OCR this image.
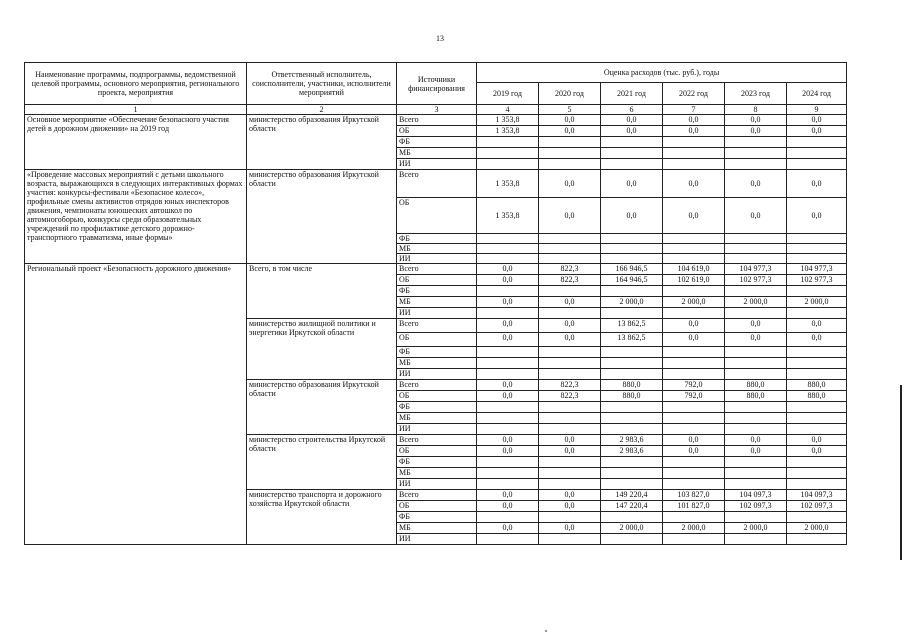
13
Наименование программы, подпрограммы, ведомственной целевой программы, основного мероприятия, регионального проекта, мероприятия	Ответственный исполнитель, соисполнители, участники, исполнители мероприятий	Источники финансирования	Оценка расходов (тыс. руб.), годы					
			2019 год	2020 год	2021 год	2022 год	2023 год	2024 год
1	2	3	4	5	6	7	8	9
Основное мероприятие «Обеспечение безопасного участия детей в дорожном движении» на 2019 год	министерство образования Иркутской области	Всего	1 353,8	0,0	0,0	0,0	0,0	0,0
		ОБ	1 353,8	0,0	0,0	0,0	0,0	0,0
		ФБ						
		МБ						
		ИИ						
«Проведение массовых мероприятий с детьми школьного возраста, выражающихся в следующих интерактивных формах участия: конкурсы-фестивали «Безопасное колесо», профильные смены активистов отрядов юных инспекторов движения, чемпионаты юношеских автошкол по автомногоборью, конкурсы среди образовательных учреждений по профилактике детского дорожно-транспортного травматизма, иные формы»	министерство образования Иркутской области	Всего	1 353,8	0,0	0,0	0,0	0,0	0,0
		ОБ	1 353,8	0,0	0,0	0,0	0,0	0,0
		ФБ						
		МБ						
		ИИ						
Региональный проект «Безопасность дорожного движения»	Всего, в том числе	Всего	0,0	822,3	166 946,5	104 619,0	104 977,3	104 977,3
		ОБ	0,0	822,3	164 946,5	102 619,0	102 977,3	102 977,3
		ФБ						
		МБ	0,0	0,0	2 000,0	2 000,0	2 000,0	2 000,0
		ИИ						
	министерство жилищной политики и энергетики Иркутской области	Всего	0,0	0,0	13 862,5	0,0	0,0	0,0
		ОБ	0,0	0,0	13 862,5	0,0	0,0	0,0
		ФБ						
		МБ						
		ИИ						
	министерство образования Иркутской области	Всего	0,0	822,3	880,0	792,0	880,0	880,0
		ОБ	0,0	822,3	880,0	792,0	880,0	880,0
		ФБ						
		МБ						
		ИИ						
	министерство строительства Иркутской области	Всего	0,0	0,0	2 983,6	0,0	0,0	0,0
		ОБ	0,0	0,0	2 983,6	0,0	0,0	0,0
		ФБ						
		МБ						
		ИИ						
	министерство транспорта и дорожного хозяйства Иркутской области	Всего	0,0	0,0	149 220,4	103 827,0	104 097,3	104 097,3
		ОБ	0,0	0,0	147 220,4	101 827,0	102 097,3	102 097,3
		ФБ						
		МБ	0,0	0,0	2 000,0	2 000,0	2 000,0	2 000,0
		ИИ						
